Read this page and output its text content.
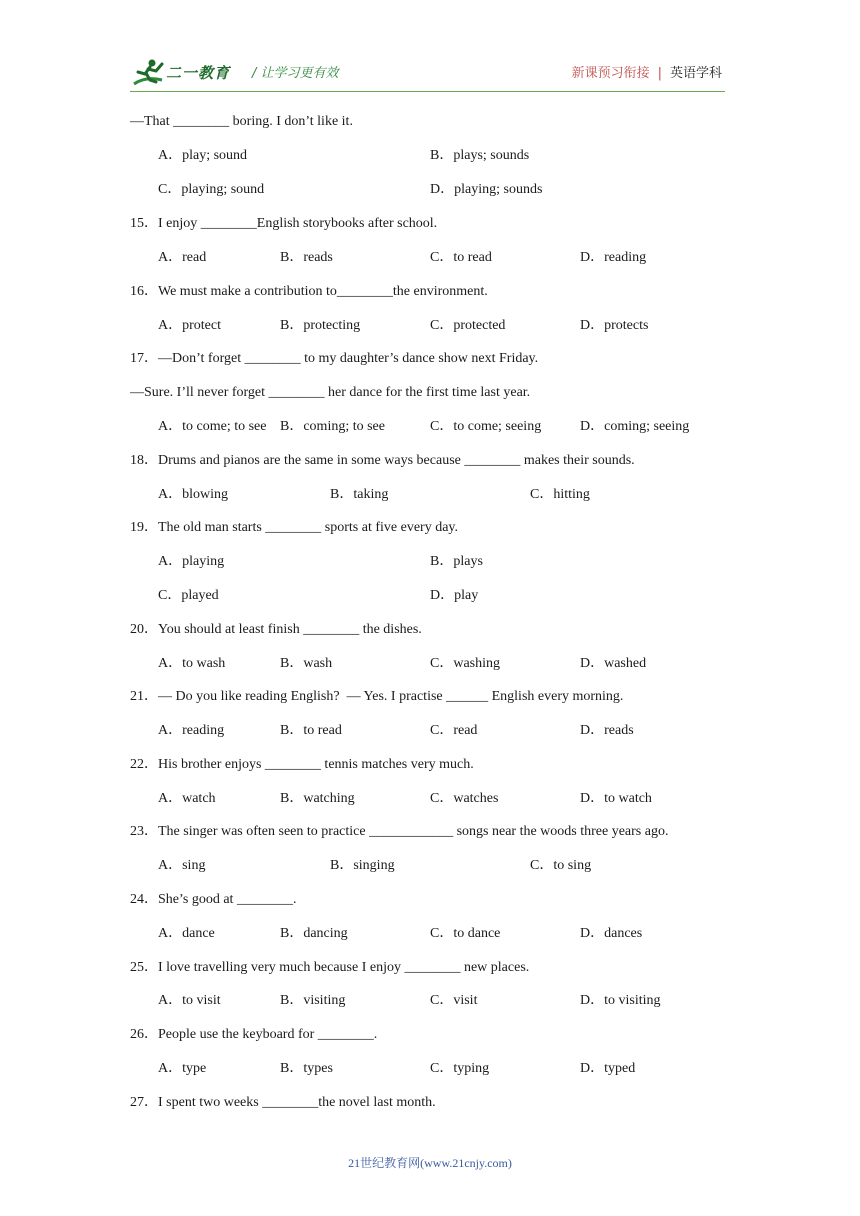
二一教育 / 让学习更有效	新课预习衔接 | 英语学科
—That ________ boring. I don’t like it.
A．play; sound	B．plays; sounds
C．playing; sound	D．playing; sounds
15．I enjoy ________English storybooks after school.
A．read	B．reads	C．to read	D．reading
16．We must make a contribution to________the environment.
A．protect	B．protecting	C．protected	D．protects
17．—Don’t forget ________ to my daughter’s dance show next Friday.
—Sure. I’ll never forget ________ her dance for the first time last year.
A．to come; to see B．coming; to see	C．to come; seeing	D．coming; seeing
18．Drums and pianos are the same in some ways because ________ makes their sounds.
A．blowing	B．taking	C．hitting
19．The old man starts ________ sports at five every day.
A．playing	B．plays
C．played	D．play
20．You should at least finish ________ the dishes.
A．to wash	B．wash	C．washing	D．washed
21．— Do you like reading English?  — Yes. I practise ______ English every morning.
A．reading	B．to read	C．read	D．reads
22．His brother enjoys ________ tennis matches very much.
A．watch	B．watching	C．watches	D．to watch
23．The singer was often seen to practice ____________ songs near the woods three years ago.
A．sing	B．singing	C．to sing
24．She’s good at ________.
A．dance	B．dancing	C．to dance	D．dances
25．I love travelling very much because I enjoy ________ new places.
A．to visit	B．visiting	C．visit	D．to visiting
26．People use the keyboard for ________.
A．type	B．types	C．typing	D．typed
27．I spent two weeks ________the novel last month.
21世纪教育网(www.21cnjy.com)
